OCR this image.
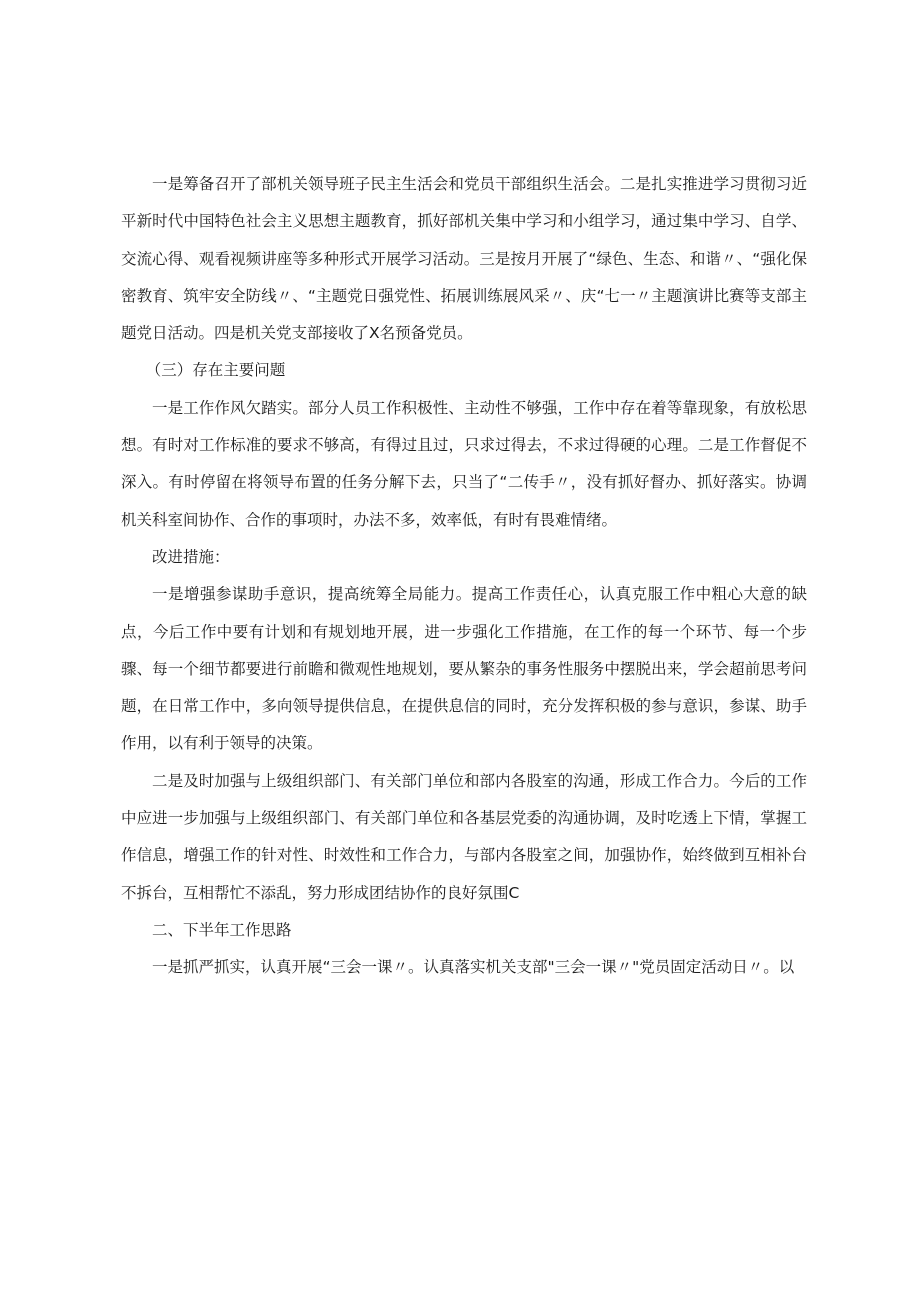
一是筹备召开了部机关领导班子民主生活会和党员干部组织生活会。二是扎实推进学习贯彻习近平新时代中国特色社会主义思想主题教育，抓好部机关集中学习和小组学习，通过集中学习、自学、交流心得、观看视频讲座等多种形式开展学习活动。三是按月开展了“绿色、生态、和谐〃、“强化保密教育、筑牢安全防线〃、“主题党日强党性、拓展训练展风采〃、庆“七一〃主题演讲比赛等支部主题党日活动。四是机关党支部接收了X名预备党员。

（三）存在主要问题

一是工作作风欠踏实。部分人员工作积极性、主动性不够强，工作中存在着等靠现象，有放松思想。有时对工作标准的要求不够高，有得过且过，只求过得去，不求过得硬的心理。二是工作督促不深入。有时停留在将领导布置的任务分解下去，只当了“二传手〃，没有抓好督办、抓好落实。协调机关科室间协作、合作的事项时，办法不多，效率低，有时有畏难情绪。

改进措施：

一是增强参谋助手意识，提高统筹全局能力。提高工作责任心，认真克服工作中粗心大意的缺点，今后工作中要有计划和有规划地开展，进一步强化工作措施，在工作的每一个环节、每一个步骤、每一个细节都要进行前瞻和微观性地规划，要从繁杂的事务性服务中摆脱出来，学会超前思考问题，在日常工作中，多向领导提供信息，在提供息信的同时，充分发挥积极的参与意识，参谋、助手作用，以有利于领导的决策。

二是及时加强与上级组织部门、有关部门单位和部内各股室的沟通，形成工作合力。今后的工作中应进一步加强与上级组织部门、有关部门单位和各基层党委的沟通协调，及时吃透上下情，掌握工作信息，增强工作的针对性、时效性和工作合力，与部内各股室之间，加强协作，始终做到互相补台不拆台，互相帮忙不添乱，努力形成团结协作的良好氛围C

二、下半年工作思路

一是抓严抓实，认真开展“三会一课〃。认真落实机关支部"三会一课〃"党员固定活动日〃。以
